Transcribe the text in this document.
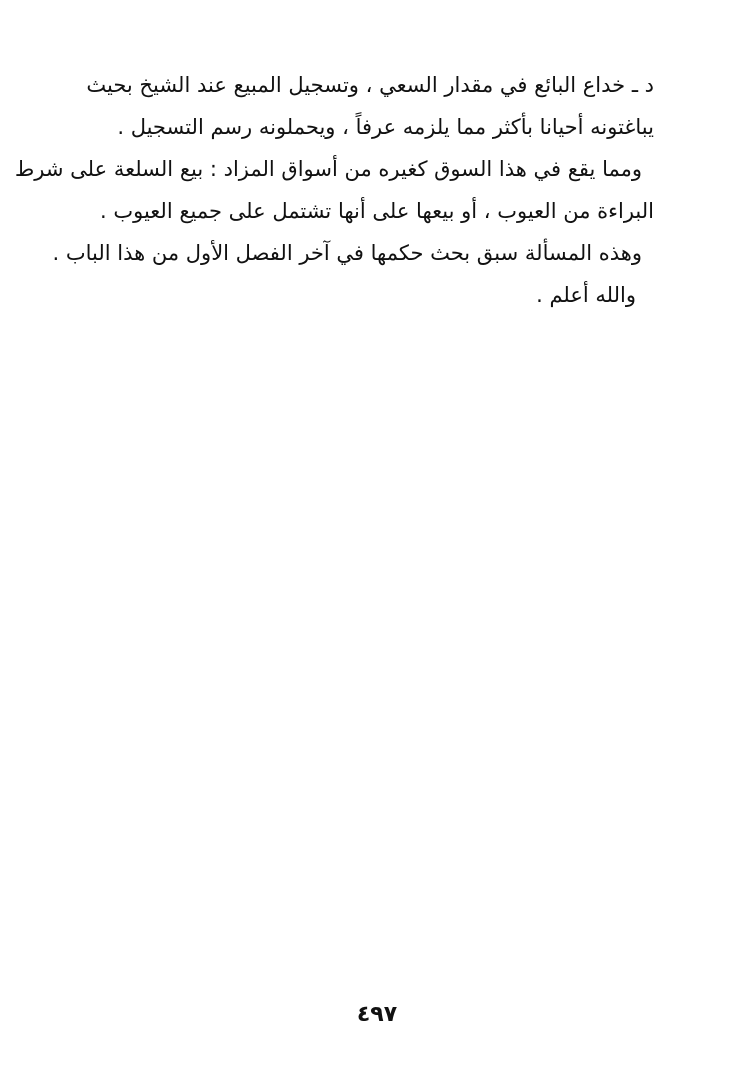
د ـ خداع البائع في مقدار السعي ، وتسجيل المبيع عند الشيخ بحيث
يباغتونه أحيانا بأكثر مما يلزمه عرفاً ، ويحملونه رسم التسجيل .
ومما يقع في هذا السوق كغيره من أسواق المزاد : بيع السلعة على شرط
البراءة من العيوب ، أو بيعها على أنها تشتمل على جميع العيوب .
وهذه المسألة سبق بحث حكمها في آخر الفصل الأول من هذا الباب .
والله أعلم .
٤٩٧
